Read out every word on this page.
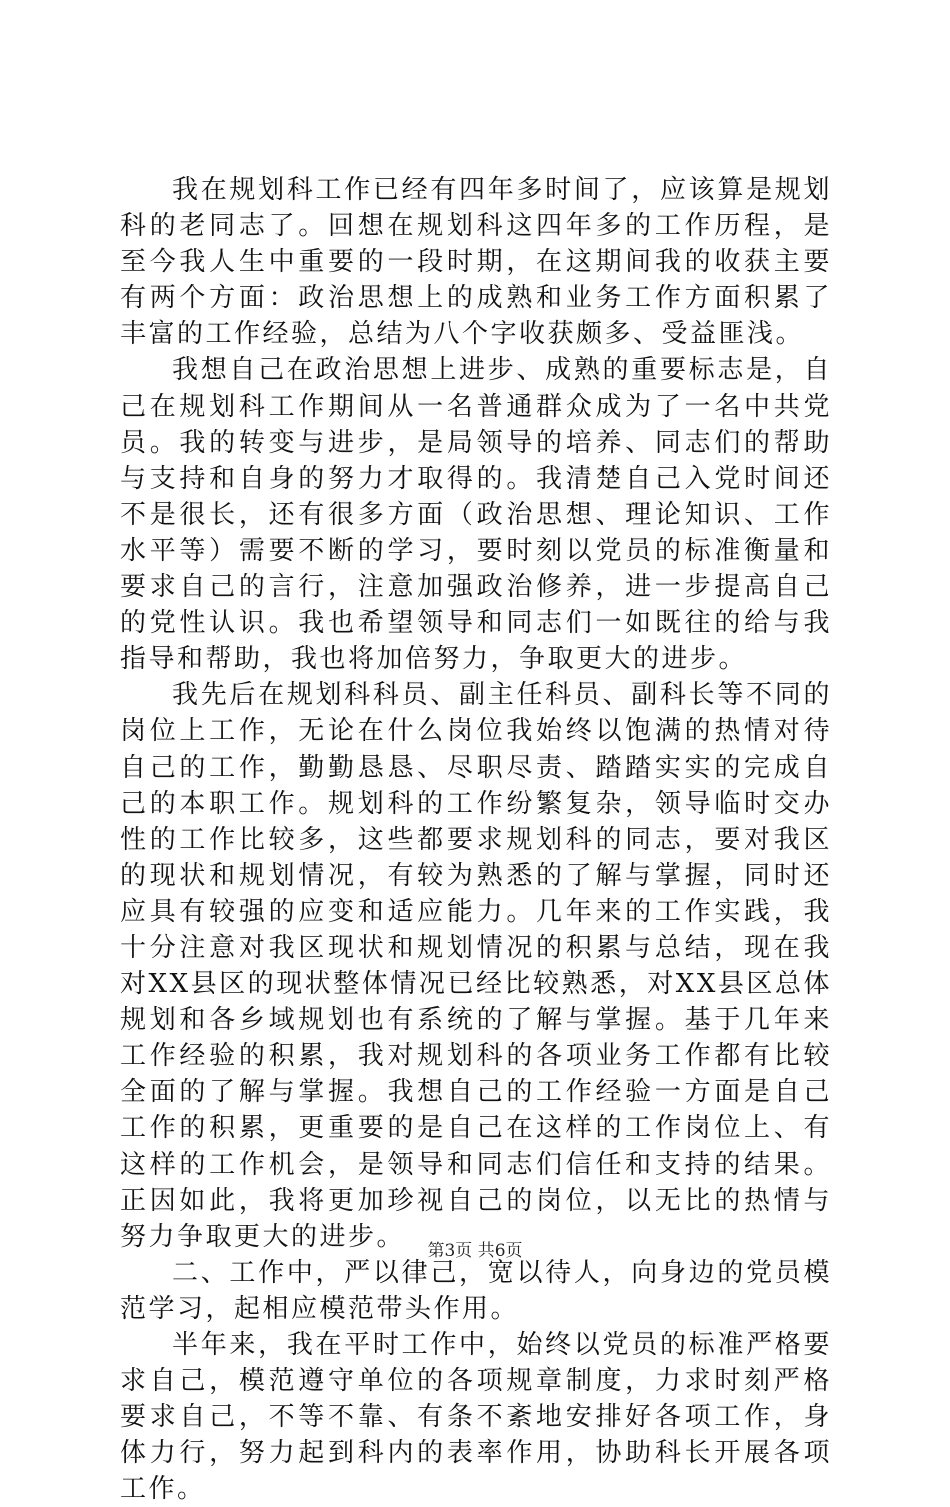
我在规划科工作已经有四年多时间了，应该算是规划科的老同志了。回想在规划科这四年多的工作历程，是至今我人生中重要的一段时期，在这期间我的收获主要有两个方面：政治思想上的成熟和业务工作方面积累了丰富的工作经验，总结为八个字收获颇多、受益匪浅。

我想自己在政治思想上进步、成熟的重要标志是，自己在规划科工作期间从一名普通群众成为了一名中共党员。我的转变与进步，是局领导的培养、同志们的帮助与支持和自身的努力才取得的。我清楚自己入党时间还不是很长，还有很多方面（政治思想、理论知识、工作水平等）需要不断的学习，要时刻以党员的标准衡量和要求自己的言行，注意加强政治修养，进一步提高自己的党性认识。我也希望领导和同志们一如既往的给与我指导和帮助，我也将加倍努力，争取更大的进步。

我先后在规划科科员、副主任科员、副科长等不同的岗位上工作，无论在什么岗位我始终以饱满的热情对待自己的工作，勤勤恳恳、尽职尽责、踏踏实实的完成自己的本职工作。规划科的工作纷繁复杂，领导临时交办性的工作比较多，这些都要求规划科的同志，要对我区的现状和规划情况，有较为熟悉的了解与掌握，同时还应具有较强的应变和适应能力。几年来的工作实践，我十分注意对我区现状和规划情况的积累与总结，现在我对XX县区的现状整体情况已经比较熟悉，对XX县区总体规划和各乡域规划也有系统的了解与掌握。基于几年来工作经验的积累，我对规划科的各项业务工作都有比较全面的了解与掌握。我想自己的工作经验一方面是自己工作的积累，更重要的是自己在这样的工作岗位上、有这样的工作机会，是领导和同志们信任和支持的结果。正因如此，我将更加珍视自己的岗位，以无比的热情与努力争取更大的进步。

二、工作中，严以律己，宽以待人，向身边的党员模范学习，起相应模范带头作用。

半年来，我在平时工作中，始终以党员的标准严格要求自己，模范遵守单位的各项规章制度，力求时刻严格要求自己，不等不靠、有条不紊地安排好各项工作，身体力行，努力起到科内的表率作用，协助科长开展各项工作。

第3页 共6页
